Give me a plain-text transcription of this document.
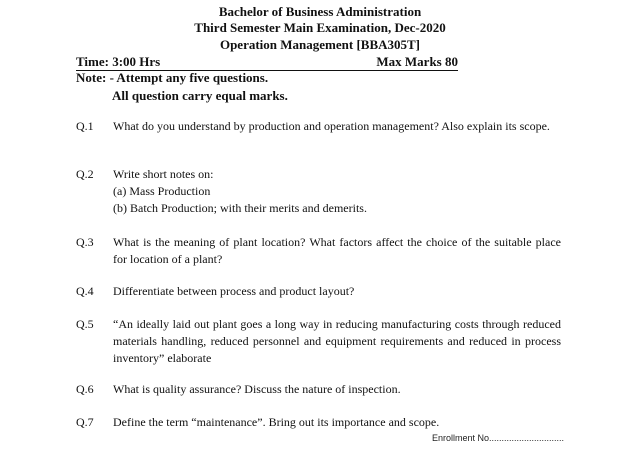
Bachelor of Business Administration
Third Semester Main Examination, Dec-2020
Operation Management [BBA305T]
Time: 3:00 Hrs	Max Marks 80
Note: - Attempt any five questions.
All question carry equal marks.
Q.1 What do you understand by production and operation management? Also explain its scope.
Q.2 Write short notes on:
(a) Mass Production
(b) Batch Production; with their merits and demerits.
Q.3 What is the meaning of plant location? What factors affect the choice of the suitable place for location of a plant?
Q.4 Differentiate between process and product layout?
Q.5 “An ideally laid out plant goes a long way in reducing manufacturing costs through reduced materials handling, reduced personnel and equipment requirements and reduced in process inventory” elaborate
Q.6 What is quality assurance? Discuss the nature of inspection.
Q.7 Define the term “maintenance”. Bring out its importance and scope.
Enrollment No..............................
